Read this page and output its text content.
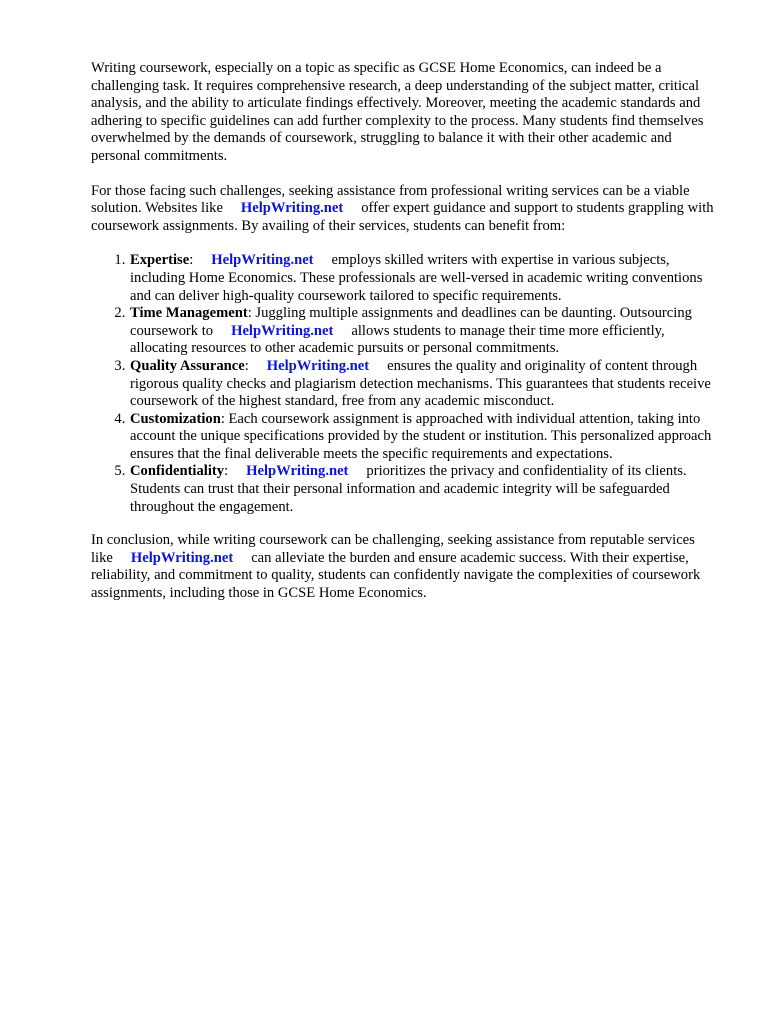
Writing coursework, especially on a topic as specific as GCSE Home Economics, can indeed be a challenging task. It requires comprehensive research, a deep understanding of the subject matter, critical analysis, and the ability to articulate findings effectively. Moreover, meeting the academic standards and adhering to specific guidelines can add further complexity to the process. Many students find themselves overwhelmed by the demands of coursework, struggling to balance it with their other academic and personal commitments.

For those facing such challenges, seeking assistance from professional writing services can be a viable solution. Websites like HelpWriting.net offer expert guidance and support to students grappling with coursework assignments. By availing of their services, students can benefit from:

1. Expertise: HelpWriting.net employs skilled writers with expertise in various subjects, including Home Economics. These professionals are well-versed in academic writing conventions and can deliver high-quality coursework tailored to specific requirements.
2. Time Management: Juggling multiple assignments and deadlines can be daunting. Outsourcing coursework to HelpWriting.net allows students to manage their time more efficiently, allocating resources to other academic pursuits or personal commitments.
3. Quality Assurance: HelpWriting.net ensures the quality and originality of content through rigorous quality checks and plagiarism detection mechanisms. This guarantees that students receive coursework of the highest standard, free from any academic misconduct.
4. Customization: Each coursework assignment is approached with individual attention, taking into account the unique specifications provided by the student or institution. This personalized approach ensures that the final deliverable meets the specific requirements and expectations.
5. Confidentiality: HelpWriting.net prioritizes the privacy and confidentiality of its clients. Students can trust that their personal information and academic integrity will be safeguarded throughout the engagement.

In conclusion, while writing coursework can be challenging, seeking assistance from reputable services like HelpWriting.net can alleviate the burden and ensure academic success. With their expertise, reliability, and commitment to quality, students can confidently navigate the complexities of coursework assignments, including those in GCSE Home Economics.
